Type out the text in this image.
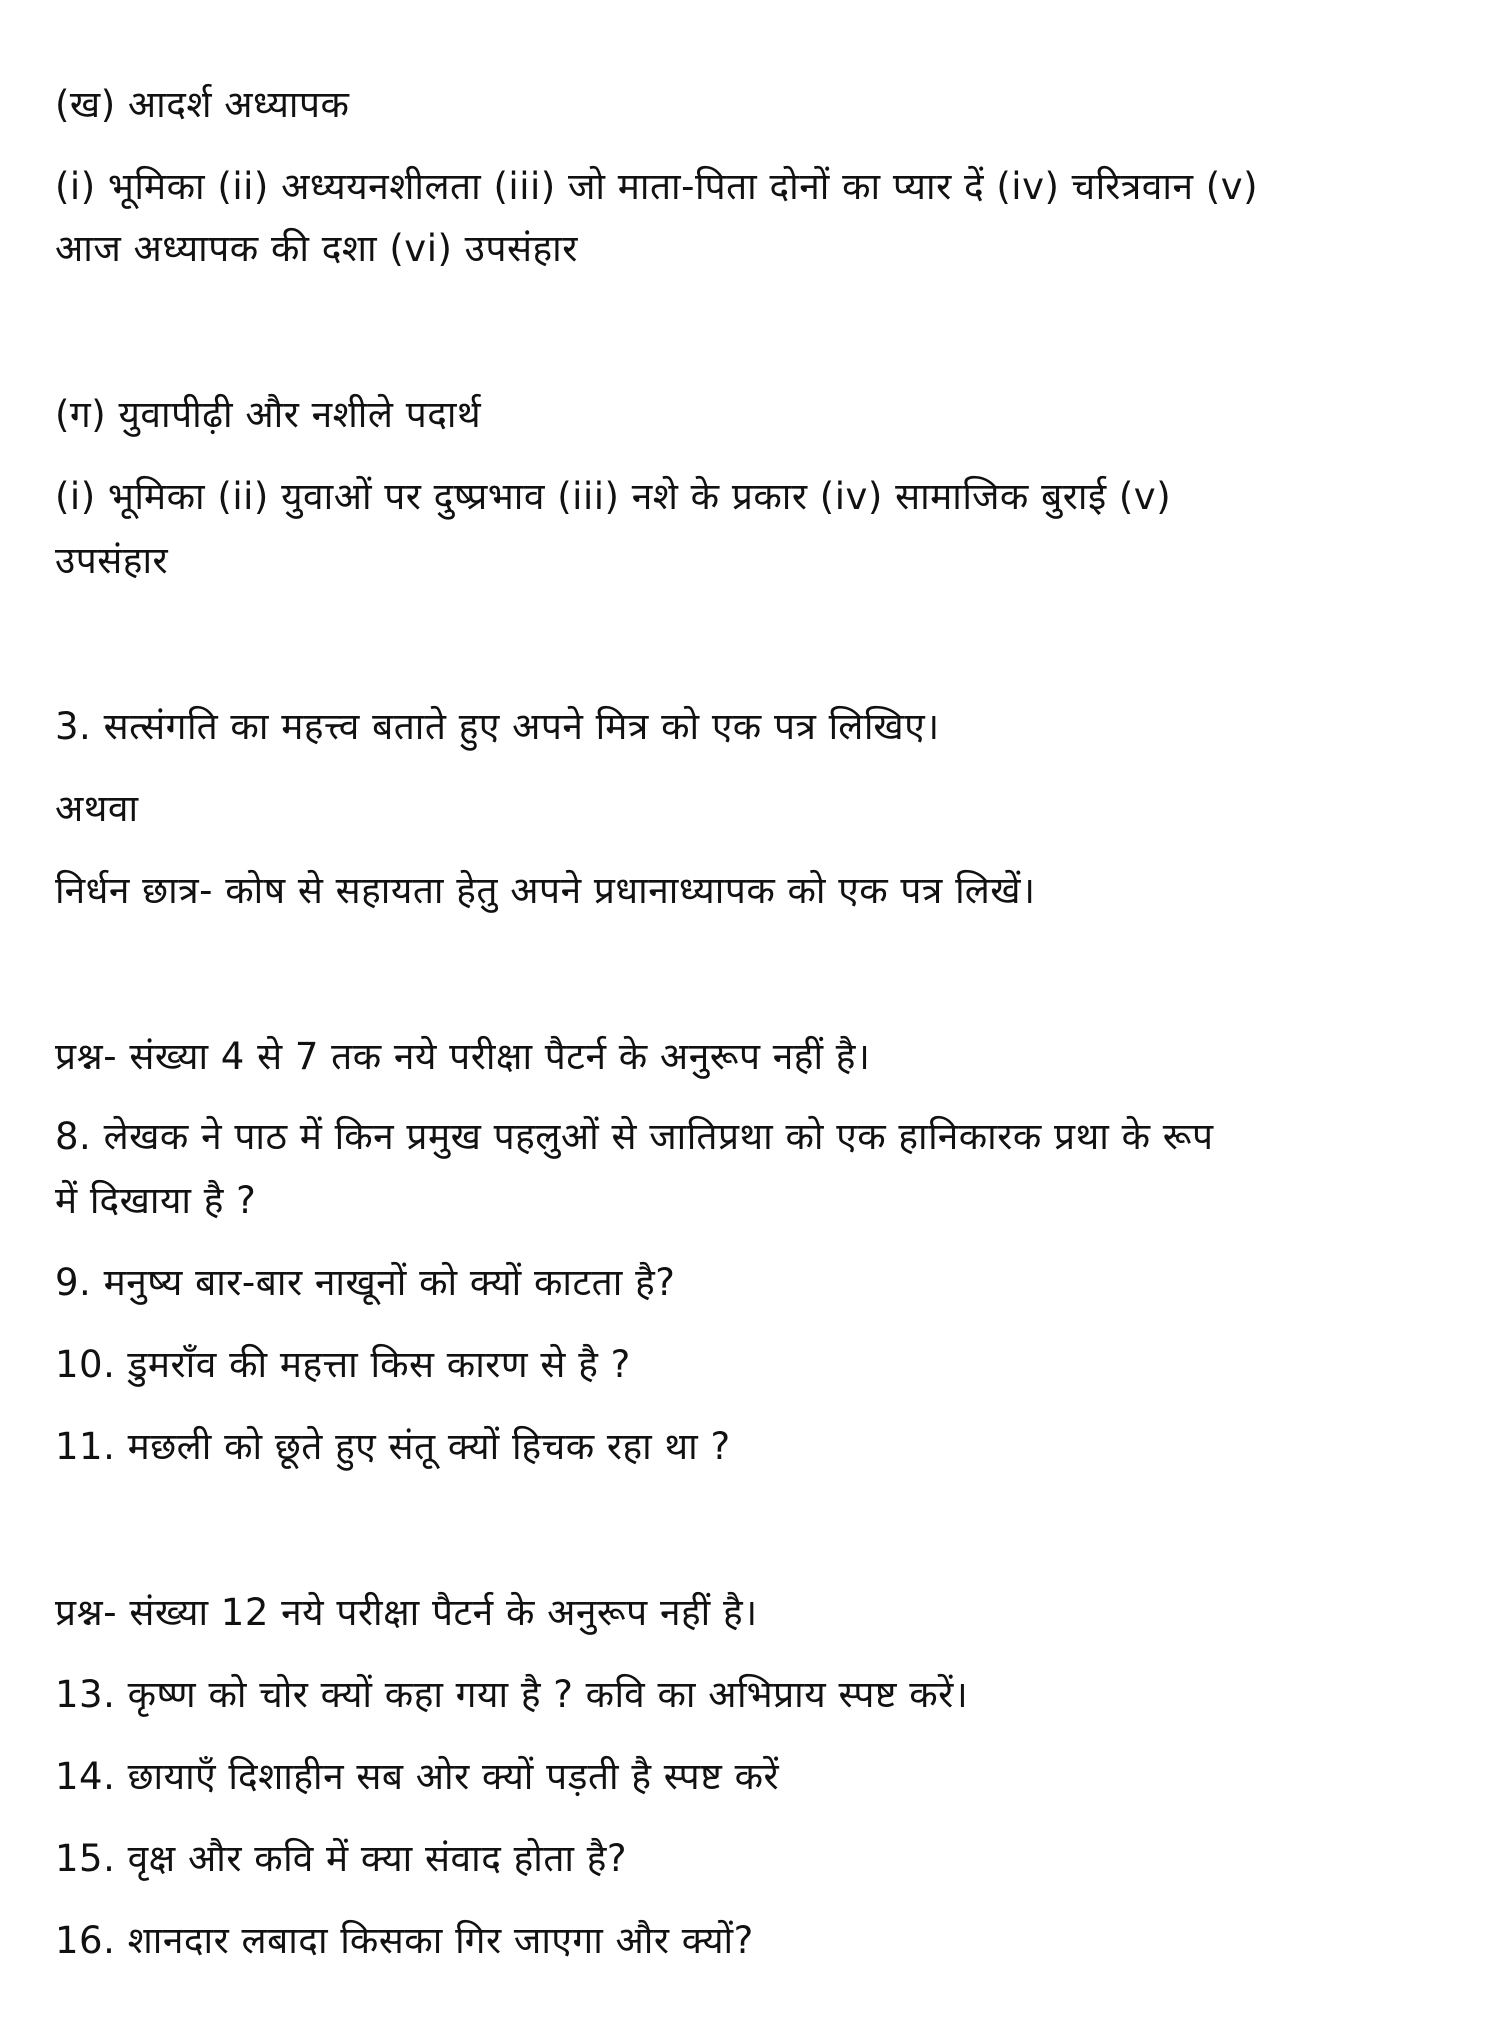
(ख) आदर्श अध्यापक
(i) भूमिका (ii) अध्ययनशीलता (iii) जो माता-पिता दोनों का प्यार दें (iv) चरित्रवान (v)
आज अध्यापक की दशा (vi) उपसंहार
(ग) युवापीढ़ी और नशीले पदार्थ
(i) भूमिका (ii) युवाओं पर दुष्प्रभाव (iii) नशे के प्रकार (iv) सामाजिक बुराई (v)
उपसंहार
3. सत्संगति का महत्त्व बताते हुए अपने मित्र को एक पत्र लिखिए।
अथवा
निर्धन छात्र- कोष से सहायता हेतु अपने प्रधानाध्यापक को एक पत्र लिखें।
प्रश्न- संख्या 4 से 7 तक नये परीक्षा पैटर्न के अनुरूप नहीं है।
8. लेखक ने पाठ में किन प्रमुख पहलुओं से जातिप्रथा को एक हानिकारक प्रथा के रूप
में दिखाया है ?
9. मनुष्य बार-बार नाखूनों को क्यों काटता है?
10. डुमराँव की महत्ता किस कारण से है ?
11. मछली को छूते हुए संतू क्यों हिचक रहा था ?
प्रश्न- संख्या 12 नये परीक्षा पैटर्न के अनुरूप नहीं है।
13. कृष्ण को चोर क्यों कहा गया है ? कवि का अभिप्राय स्पष्ट करें।
14. छायाएँ दिशाहीन सब ओर क्यों पड़ती है स्पष्ट करें
15. वृक्ष और कवि में क्या संवाद होता है?
16. शानदार लबादा किसका गिर जाएगा और क्यों?
